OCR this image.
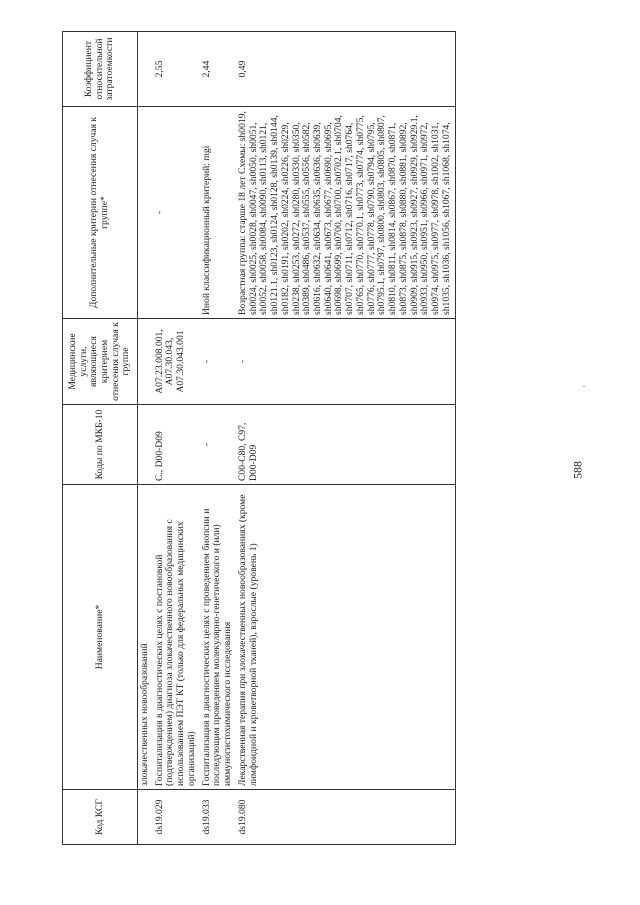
588
.
Код КСГ	Наименование*	Коды по МКБ-10	Медицинские услуги, являющиеся критерием отнесения случая к группе	Дополнительные критерии отнесения случая к группе*	Коэффициент относительной затратоемкости
	злокачественных новообразований				
ds19.029	Госпитализация в диагностических целях с постановкой (подтверждением) диагноза злокачественного новообразования с использованием ПЭТ КТ (только для федеральных медицинских организаций)	C., D00-D09	A07.23.008.001, A07.30.043, A07.30.043.001	-	2,55
ds19.033	Госпитализация в диагностических целях с проведением биопсии и последующим проведением молекулярно-генетического и (или) иммуногистохимического исследования	-	-	Иной классификационный критерий: mgi	2,44
ds19.080	Лекарственная терапия при злокачественных новообразованиях (кроме лимфоидной и кроветворной тканей), взрослые (уровень 1)	C00-C80, C97, D00-D09	-	Возрастная группа: старше 18 лет Схемы: sh0019, sh0024, sh0025, sh0028, sh0047, sh0050, sh0051, sh0052, sh0058, sh0084, sh0090, sh0113, sh0121, sh0121.1, sh0123, sh0124, sh0128, sh0139, sh0144, sh0182, sh0191, sh0202, sh0224, sh0226, sh0229, sh0238, sh0253, sh0272, sh0280, sh0330, sh0350, sh0389, sh0486, sh0537, sh0555, sh0556, sh0582, sh0616, sh0632, sh0634, sh0635, sh0636, sh0639, sh0640, sh0641, sh0673, sh0677, sh0690, sh0695, sh0698, sh0699, sh0700, sh0700, sh0702.1, sh0704, sh0707, sh0711, sh0712, sh0716, sh0717, sh0764, sh0765, sh0770, sh0770.1, sh0773, sh0774, sh0775, sh0776, sh0777, sh0778, sh0790, sh0794, sh0795, sh0795.1, sh0797, sh0800, sh0803, sh0805, sh0807, sh0810, sh0811, sh0814, sh0867, sh0870, sh0871, sh0873, sh0875, sh0878, sh0880, sh0881, sh0892, sh0909, sh0915, sh0923, sh0927, sh0929, sh0929.1, sh0933, sh0950, sh0951, sh0966, sh0971, sh0972, sh0974, sh0975, sh0977, sh0978, sh1002, sh1031, sh1035, sh1036, sh1056, sh1067, sh1068, sh1074,	0,49
